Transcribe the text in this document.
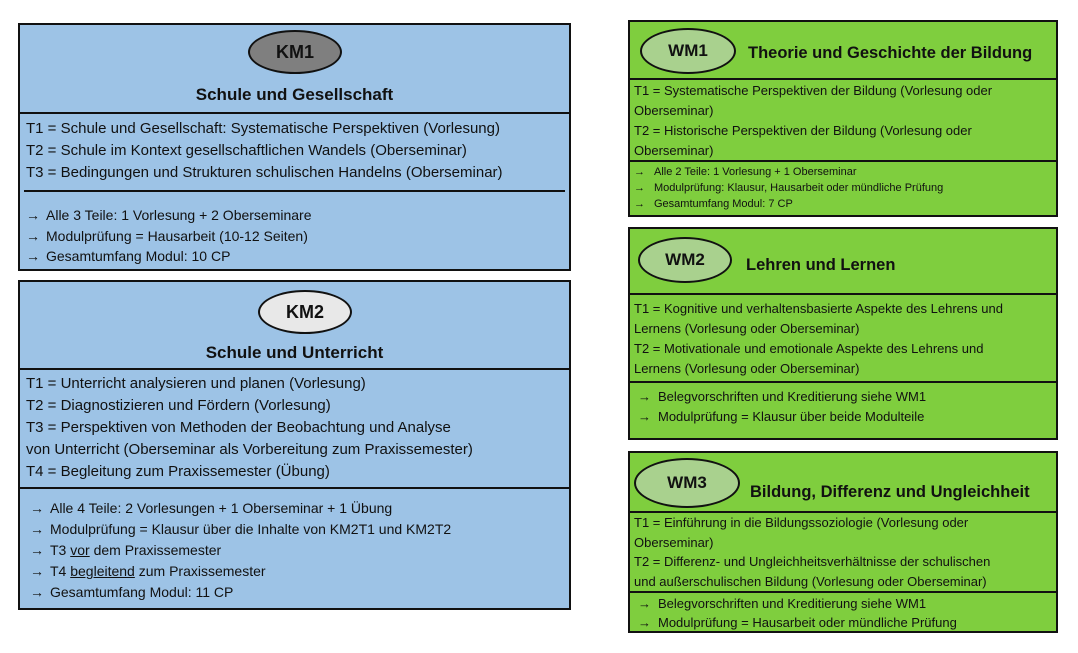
KM1
Schule und Gesellschaft
T1 = Schule und Gesellschaft: Systematische Perspektiven (Vorlesung)
T2 = Schule im Kontext gesellschaftlichen Wandels (Oberseminar)
T3 = Bedingungen und Strukturen schulischen Handelns (Oberseminar)
→ Alle 3 Teile: 1 Vorlesung + 2 Oberseminare
→ Modulprüfung = Hausarbeit (10-12 Seiten)
→ Gesamtumfang Modul: 10 CP
KM2
Schule und Unterricht
T1 = Unterricht analysieren und planen (Vorlesung)
T2 = Diagnostizieren und Fördern (Vorlesung)
T3 = Perspektiven von Methoden der Beobachtung und Analyse
von Unterricht (Oberseminar als Vorbereitung zum Praxissemester)
T4 = Begleitung zum Praxissemester (Übung)
→ Alle 4 Teile: 2 Vorlesungen + 1 Oberseminar + 1 Übung
→ Modulprüfung = Klausur über die Inhalte von KM2T1 und KM2T2
→ T3 vor dem Praxissemester
→ T4 begleitend zum Praxissemester
→ Gesamtumfang Modul: 11 CP
WM1 Theorie und Geschichte der Bildung
T1 = Systematische Perspektiven der Bildung (Vorlesung oder
Oberseminar)
T2 = Historische Perspektiven der Bildung (Vorlesung oder
Oberseminar)
→ Alle 2 Teile: 1 Vorlesung + 1 Oberseminar
→ Modulprüfung: Klausur, Hausarbeit oder mündliche Prüfung
→ Gesamtumfang Modul: 7 CP
WM2 Lehren und Lernen
T1 = Kognitive und verhaltensbasierte Aspekte des Lehrens und
Lernens (Vorlesung oder Oberseminar)
T2 = Motivationale und emotionale Aspekte des Lehrens und
Lernens (Vorlesung oder Oberseminar)
→ Belegvorschriften und Kreditierung siehe WM1
→ Modulprüfung = Klausur über beide Modulteile
WM3	Bildung, Differenz und Ungleichheit
T1 = Einführung in die Bildungssoziologie (Vorlesung oder
Oberseminar)
T2 = Differenz- und Ungleichheitsverhältnisse der schulischen
und außerschulischen Bildung (Vorlesung oder Oberseminar)
→ Belegvorschriften und Kreditierung siehe WM1
→ Modulprüfung = Hausarbeit oder mündliche Prüfung
